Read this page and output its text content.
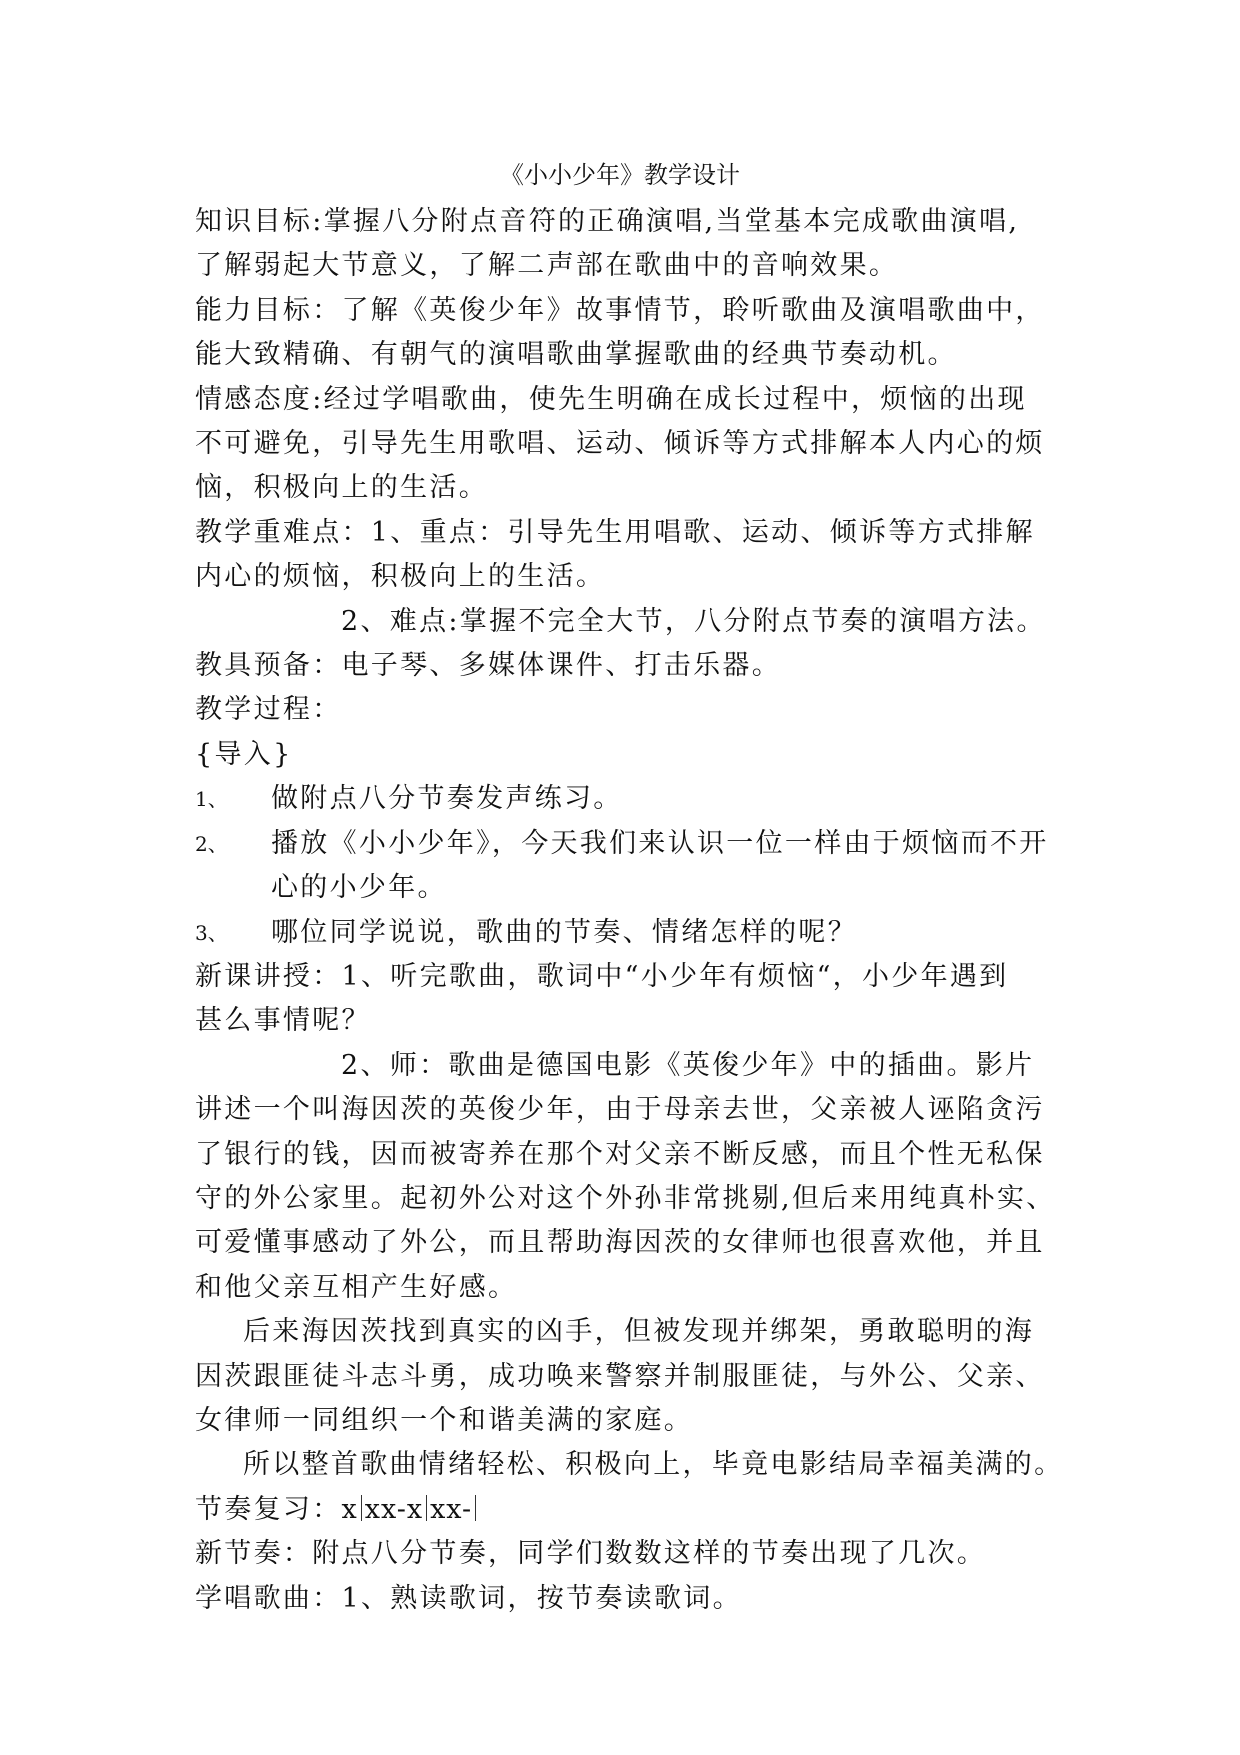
《小小少年》教学设计

知识目标:掌握八分附点音符的正确演唱,当堂基本完成歌曲演唱,

了解弱起大节意义，了解二声部在歌曲中的音响效果。

能力目标：了解《英俊少年》故事情节，聆听歌曲及演唱歌曲中，

能大致精确、有朝气的演唱歌曲掌握歌曲的经典节奏动机。

情感态度:经过学唱歌曲，使先生明确在成长过程中，烦恼的出现

不可避免，引导先生用歌唱、运动、倾诉等方式排解本人内心的烦

恼，积极向上的生活。

教学重难点：1、重点：引导先生用唱歌、运动、倾诉等方式排解

内心的烦恼，积极向上的生活。

2、难点:掌握不完全大节，八分附点节奏的演唱方法。

教具预备：电子琴、多媒体课件、打击乐器。

教学过程：

{导入}

1、	做附点八分节奏发声练习。
2、	播放《小小少年》，今天我们来认识一位一样由于烦恼而不开

心的小少年。

3、	哪位同学说说，歌曲的节奏、情绪怎样的呢？

新课讲授：1、听完歌曲，歌词中“小少年有烦恼“，小少年遇到

甚么事情呢？

2、师：歌曲是德国电影《英俊少年》中的插曲。影片

讲述一个叫海因茨的英俊少年，由于母亲去世，父亲被人诬陷贪污

了银行的钱，因而被寄养在那个对父亲不断反感，而且个性无私保

守的外公家里。起初外公对这个外孙非常挑剔,但后来用纯真朴实、

可爱懂事感动了外公，而且帮助海因茨的女律师也很喜欢他，并且

和他父亲互相产生好感。

后来海因茨找到真实的凶手，但被发现并绑架，勇敢聪明的海

因茨跟匪徒斗志斗勇，成功唤来警察并制服匪徒，与外公、父亲、

女律师一同组织一个和谐美满的家庭。

所以整首歌曲情绪轻松、积极向上，毕竟电影结局幸福美满的。

节奏复习：x xx-x xx-

新节奏：附点八分节奏，同学们数数这样的节奏出现了几次。

学唱歌曲：1、熟读歌词，按节奏读歌词。
